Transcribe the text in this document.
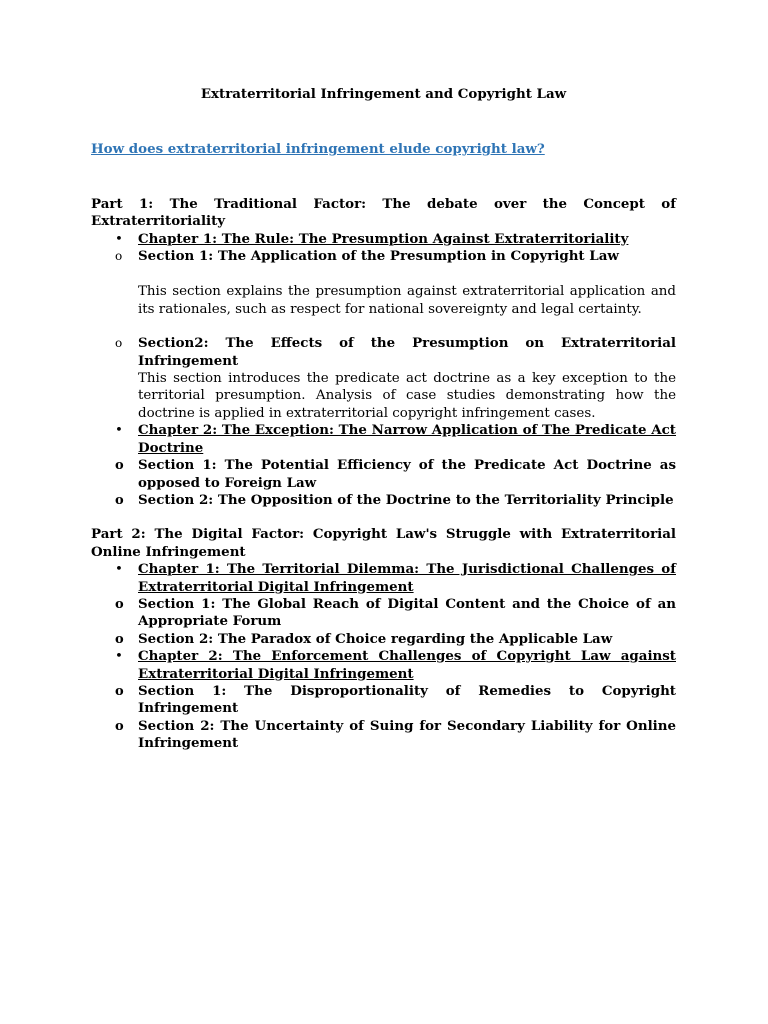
Extraterritorial Infringement and Copyright Law

How does extraterritorial infringement elude copyright law?

Part 1: The Traditional Factor: The debate over the Concept of Extraterritoriality

• Chapter 1: The Rule: The Presumption Against Extraterritoriality
o Section 1: The Application of the Presumption in Copyright Law
This section explains the presumption against extraterritorial application and its rationales, such as respect for national sovereignty and legal certainty.
o Section2: The Effects of the Presumption on Extraterritorial Infringement
This section introduces the predicate act doctrine as a key exception to the territorial presumption. Analysis of case studies demonstrating how the doctrine is applied in extraterritorial copyright infringement cases.
• Chapter 2: The Exception: The Narrow Application of The Predicate Act Doctrine
o Section 1: The Potential Efficiency of the Predicate Act Doctrine as opposed to Foreign Law
o Section 2: The Opposition of the Doctrine to the Territoriality Principle

Part 2: The Digital Factor: Copyright Law's Struggle with Extraterritorial Online Infringement

• Chapter 1: The Territorial Dilemma: The Jurisdictional Challenges of Extraterritorial Digital Infringement
o Section 1: The Global Reach of Digital Content and the Choice of an Appropriate Forum
o Section 2: The Paradox of Choice regarding the Applicable Law
• Chapter 2: The Enforcement Challenges of Copyright Law against Extraterritorial Digital Infringement
o Section 1: The Disproportionality of Remedies to Copyright Infringement
o Section 2: The Uncertainty of Suing for Secondary Liability for Online Infringement
